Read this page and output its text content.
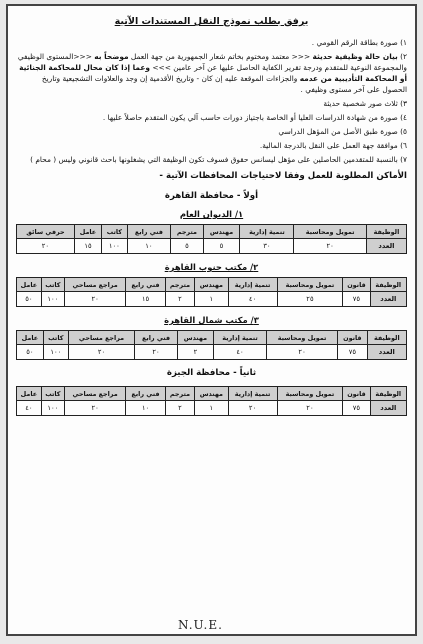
يرفق بطلب نموذج النقل المستندات الآتية
١) صورة بطاقة الرقم القومي .
٢) بيان حالة وظيفية حديثة <<< معتمد ومختوم بخاتم شعار الجمهورية من جهة العمل موضحاً به <<<المستوى الوظيفي والمجموعة النوعية للمتقدم ودرجة تقرير الكفاية الحاصل عليها عن آخر عامين >>> وعما إذا كان محال للمحاكمة الجنائية أو المحاكمة التأديبية من عدمه والجزاءات الموقعة عليه إن كان - وتاريخ الأقدمية إن وجد والعلاوات التشجيعية وتاريخ الحصول على آخر مستوى وظيفي .
٣) ثلاث صور شخصية حديثة
٤) صورة من شهادة الدراسات العليا أو الخاصة باجتياز دورات حاسب آلي يكون المتقدم حاصلاً عليها .
٥) صورة طبق الأصل من المؤهل الدراسي
٦) موافقة جهة العمل على النقل بالدرجة المالية.
٧) بالنسبة للمتقدمين الحاصلين على مؤهل ليسانس حقوق فسوف تكون الوظيفة التي يشغلونها باحث قانوني وليس ( محام )
الأماكن المطلوبة للعمل وفقا لاحتياجات المحافظات الآتية -
أولاً - محافظة القاهرة
١/ الديوان العام
الوظيفة	تمويل ومحاسبة	تنمية إدارية	مهندس	مترجم	فني رابع	كاتب	عامل	حرفي سائق
العدد	٢٠	٣٠	٥	٥	١٠	١٠٠	١٥	٢٠
٢/ مكتب جنوب القاهرة
الوظيفة	قانون	تمويل ومحاسبة	تنمية إدارية	مهندس	مترجم	فني رابع	مراجع مساحي	كاتب	عامل
العدد	٧٥	٢٥	٤٠	١	٢	١٥	٢٠	١٠٠	٥٠
٣/ مكتب شمال القاهرة
الوظيفة	قانون	تمويل ومحاسبة	تنمية إدارية	مهندس	فني رابع	مراجع مساحي	كاتب	عامل
العدد	٧٥	٢٠	٤٠	٢	٢٠	٢٠	١٠٠	٥٠
ثانياً - محافظة الجيزة
الوظيفة	قانون	تمويل ومحاسبة	تنمية إدارية	مهندس	مترجم	فني رابع	مراجع مساحي	كاتب	عامل
العدد	٧٥	٢٠	٢٠	١	٢	١٠	٢٠	١٠٠	٤٠
N.U.E.
